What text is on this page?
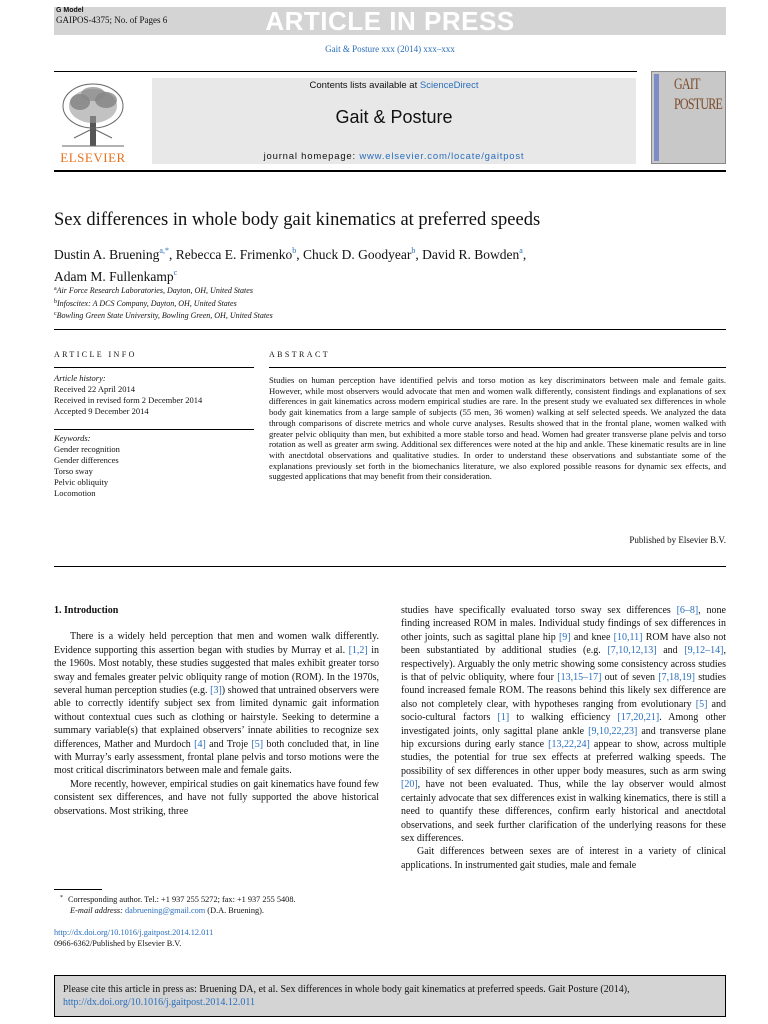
G Model
GAIPOS-4375; No. of Pages 6	ARTICLE IN PRESS
Gait & Posture xxx (2014) xxx–xxx
ELSEVIER
Contents lists available at ScienceDirect
Gait & Posture
journal homepage: www.elsevier.com/locate/gaitpost
GAIT
POSTURE
Sex differences in whole body gait kinematics at preferred speeds
Dustin A. Bruening$^{a,*}$, Rebecca E. Frimenko$^b$, Chuck D. Goodyear$^b$, David R. Bowden$^a$,
Adam M. Fullenkamp$^c$
$^a$Air Force Research Laboratories, Dayton, OH, United States
$^b$Infoscitex: A DCS Company, Dayton, OH, United States
$^c$Bowling Green State University, Bowling Green, OH, United States
ARTICLE INFO	ABSTRACT
Article history:
Received 22 April 2014
Received in revised form 2 December 2014
Accepted 9 December 2014
Keywords:
Gender recognition
Gender differences
Torso sway
Pelvic obliquity
Locomotion
Studies on human perception have identified pelvis and torso motion as key discriminators between male and female gaits. However, while most observers would advocate that men and women walk differently, consistent findings and explanations of sex differences in gait kinematics across modern empirical studies are rare. In the present study we evaluated sex differences in whole body gait kinematics from a large sample of subjects (55 men, 36 women) walking at self selected speeds. We analyzed the data through comparisons of discrete metrics and whole curve analyses. Results showed that in the frontal plane, women walked with greater pelvic obliquity than men, but exhibited a more stable torso and head. Women had greater transverse plane pelvis and torso rotation as well as greater arm swing. Additional sex differences were noted at the hip and ankle. These kinematic results are in line with anectdotal observations and qualitative studies. In order to understand these observations and substantiate some of the explanations previously set forth in the biomechanics literature, we also explored possible reasons for dynamic sex effects, and suggested applications that may benefit from their consideration.
Published by Elsevier B.V.
1. Introduction

There is a widely held perception that men and women walk differently. Evidence supporting this assertion began with studies by Murray et al. [1,2] in the 1960s. Most notably, these studies suggested that males exhibit greater torso sway and females greater pelvic obliquity range of motion (ROM). In the 1970s, several human perception studies (e.g. [3]) showed that untrained observers were able to correctly identify subject sex from limited dynamic gait information without contextual cues such as clothing or hairstyle. Seeking to determine a summary variable(s) that explained observers’ innate abilities to recognize sex differences, Mather and Murdoch [4] and Troje [5] both concluded that, in line with Murray’s early assessment, frontal plane pelvis and torso motions were the most critical discriminators between male and female gaits.

More recently, however, empirical studies on gait kinematics have found few consistent sex differences, and have not fully supported the above historical observations. Most striking, three

studies have specifically evaluated torso sway sex differences [6–8], none finding increased ROM in males. Individual study findings of sex differences in other joints, such as sagittal plane hip [9] and knee [10,11] ROM have also not been substantiated by additional studies (e.g. [7,10,12,13] and [9,12–14], respectively). Arguably the only metric showing some consistency across studies is that of pelvic obliquity, where four [13,15–17] out of seven [7,18,19] studies found increased female ROM. The reasons behind this likely sex difference are also not completely clear, with hypotheses ranging from evolutionary [5] and socio-cultural factors [1] to walking efficiency [17,20,21]. Among other investigated joints, only sagittal plane ankle [9,10,22,23] and transverse plane hip excursions during early stance [13,22,24] appear to show, across multiple studies, the potential for true sex effects at preferred walking speeds. The possibility of sex differences in other upper body measures, such as arm swing [20], have not been evaluated. Thus, while the lay observer would almost certainly advocate that sex differences exist in walking kinematics, there is still a need to quantify these differences, confirm early historical and anectdotal observations, and seek further clarification of the underlying reasons for these sex differences.

Gait differences between sexes are of interest in a variety of clinical applications. In instrumented gait studies, male and female

* Corresponding author. Tel.: +1 937 255 5272; fax: +1 937 255 5408.
E-mail address: dabruening@gmail.com (D.A. Bruening).
http://dx.doi.org/10.1016/j.gaitpost.2014.12.011
0966-6362/Published by Elsevier B.V.
Please cite this article in press as: Bruening DA, et al. Sex differences in whole body gait kinematics at preferred speeds. Gait Posture (2014), http://dx.doi.org/10.1016/j.gaitpost.2014.12.011
